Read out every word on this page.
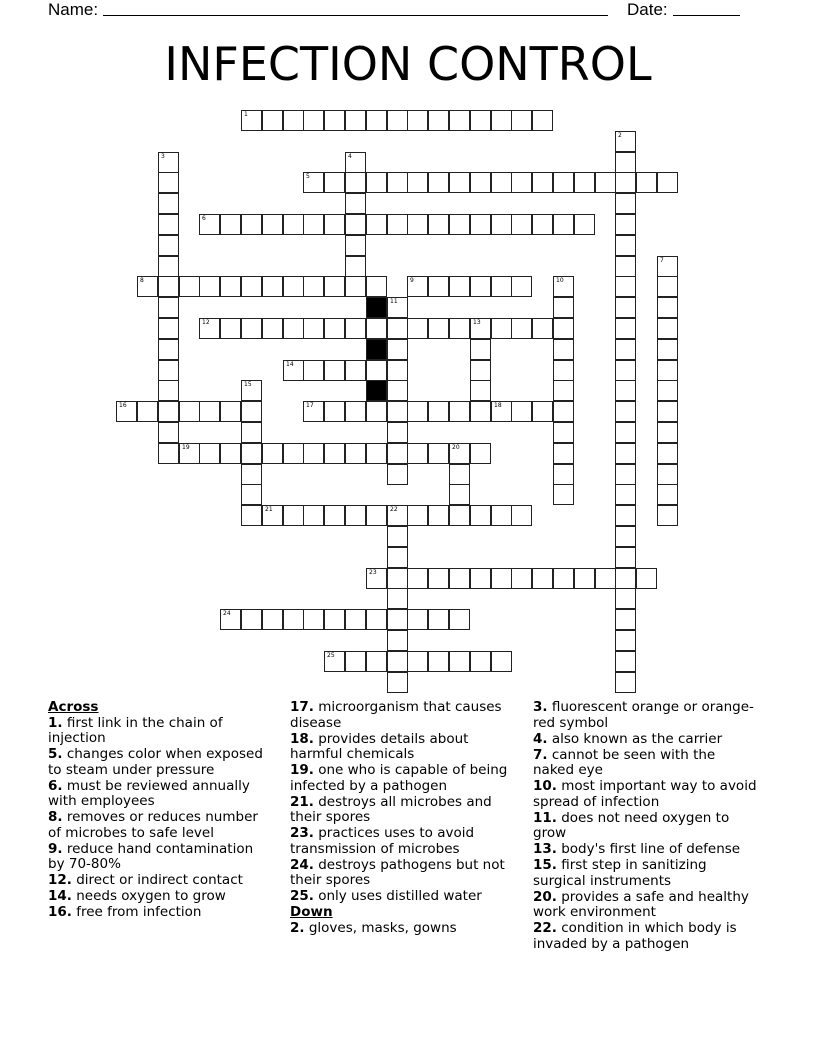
Name:	Date:
INFECTION CONTROL
1
5
6
8	9
12	13
14
16	17	18
19	20
21	22
23
24
25
2
3	4
7
10
11
15
Across
1. first link in the chain of injection
5. changes color when exposed to steam under pressure
6. must be reviewed annually with employees
8. removes or reduces number of microbes to safe level
9. reduce hand contamination by 70-80%
12. direct or indirect contact
14. needs oxygen to grow
16. free from infection
17. microorganism that causes disease
18. provides details about harmful chemicals
19. one who is capable of being infected by a pathogen
21. destroys all microbes and their spores
23. practices uses to avoid transmission of microbes
24. destroys pathogens but not their spores
25. only uses distilled water
Down
2. gloves, masks, gowns
3. fluorescent orange or orange-red symbol
4. also known as the carrier
7. cannot be seen with the naked eye
10. most important way to avoid spread of infection
11. does not need oxygen to grow
13. body's first line of defense
15. first step in sanitizing surgical instruments
20. provides a safe and healthy work environment
22. condition in which body is invaded by a pathogen
